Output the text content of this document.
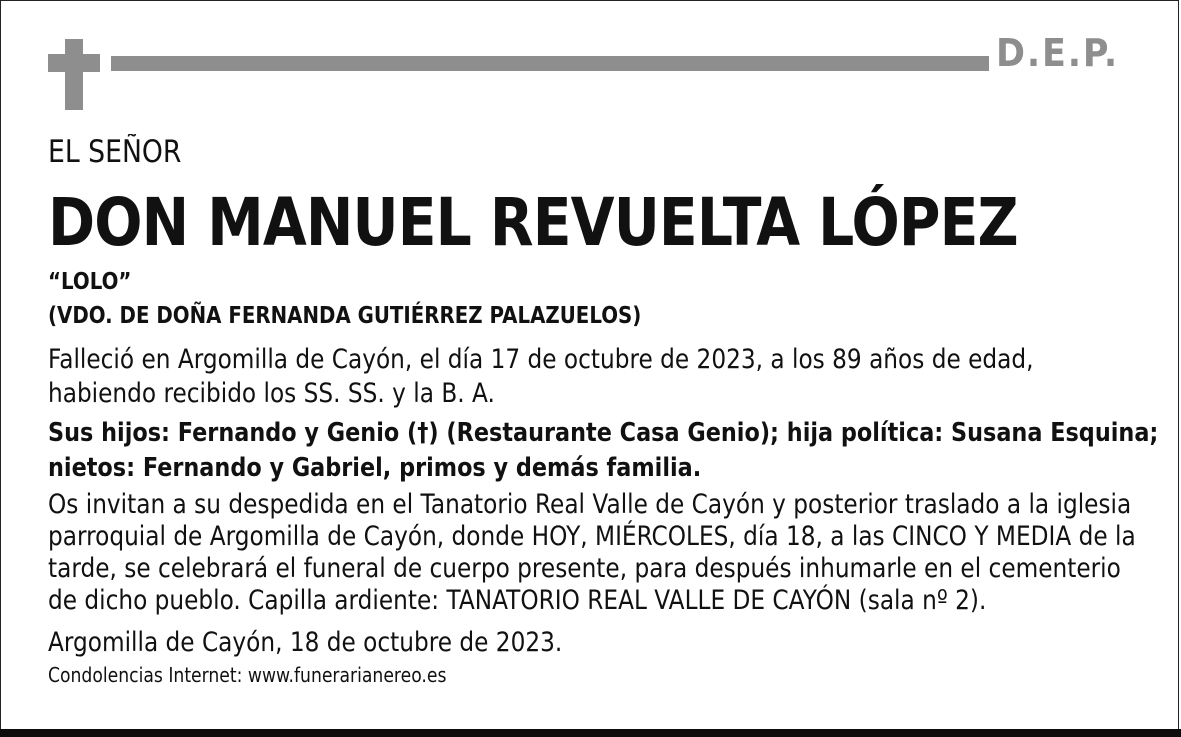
D.E.P.
EL SEÑOR
DON MANUEL REVUELTA LÓPEZ
“LOLO”
(VDO. DE DOÑA FERNANDA GUTIÉRREZ PALAZUELOS)
Falleció en Argomilla de Cayón, el día 17 de octubre de 2023, a los 89 años de edad,
habiendo recibido los SS. SS. y la B. A.
Sus hijos: Fernando y Genio (†) (Restaurante Casa Genio); hija política: Susana Esquina;
nietos: Fernando y Gabriel, primos y demás familia.
Os invitan a su despedida en el Tanatorio Real Valle de Cayón y posterior traslado a la iglesia
parroquial de Argomilla de Cayón, donde HOY, MIÉRCOLES, día 18, a las CINCO Y MEDIA de la
tarde, se celebrará el funeral de cuerpo presente, para después inhumarle en el cementerio
de dicho pueblo. Capilla ardiente: TANATORIO REAL VALLE DE CAYÓN (sala nº 2).
Argomilla de Cayón, 18 de octubre de 2023.
Condolencias Internet: www.funerarianereo.es
